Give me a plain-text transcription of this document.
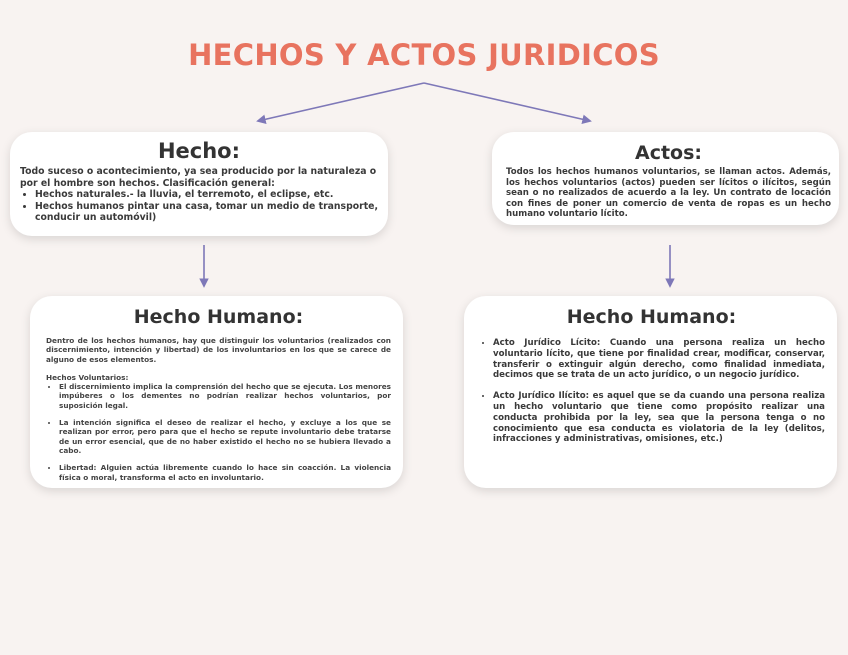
HECHOS Y ACTOS JURIDICOS
Hecho:

Todo suceso o acontecimiento, ya sea producido por la naturaleza o por el hombre son hechos. Clasificación general:

• Hechos naturales.- la lluvia, el terremoto, el eclipse, etc.
• Hechos humanos pintar una casa, tomar un medio de transporte, conducir un automóvil)
Actos:

Todos los hechos humanos voluntarios, se llaman actos. Además, los hechos voluntarios (actos) pueden ser lícitos o ilícitos, según sean o no realizados de acuerdo a la ley. Un contrato de locación con fines de poner un comercio de venta de ropas es un hecho humano voluntario lícito.

Hecho Humano:

Dentro de los hechos humanos, hay que distinguir los voluntarios (realizados con discernimiento, intención y libertad) de los involuntarios en los que se carece de alguno de esos elementos.

Hechos Voluntarios:

• El discernimiento implica la comprensión del hecho que se ejecuta. Los menores impúberes o los dementes no podrían realizar hechos voluntarios, por suposición legal.
• La intención significa el deseo de realizar el hecho, y excluye a los que se realizan por error, pero para que el hecho se repute involuntario debe tratarse de un error esencial, que de no haber existido el hecho no se hubiera llevado a cabo.
• Libertad: Alguien actúa libremente cuando lo hace sin coacción. La violencia física o moral, transforma el acto en involuntario.
Hecho Humano:
• Acto Jurídico Lícito: Cuando una persona realiza un hecho voluntario lícito, que tiene por finalidad crear, modificar, conservar, transferir o extinguir algún derecho, como finalidad inmediata, decimos que se trata de un acto jurídico, o un negocio jurídico.
• Acto Jurídico Ilícito: es aquel que se da cuando una persona realiza un hecho voluntario que tiene como propósito realizar una conducta prohibida por la ley, sea que la persona tenga o no conocimiento que esa conducta es violatoria de la ley (delitos, infracciones y administrativas, omisiones, etc.)
